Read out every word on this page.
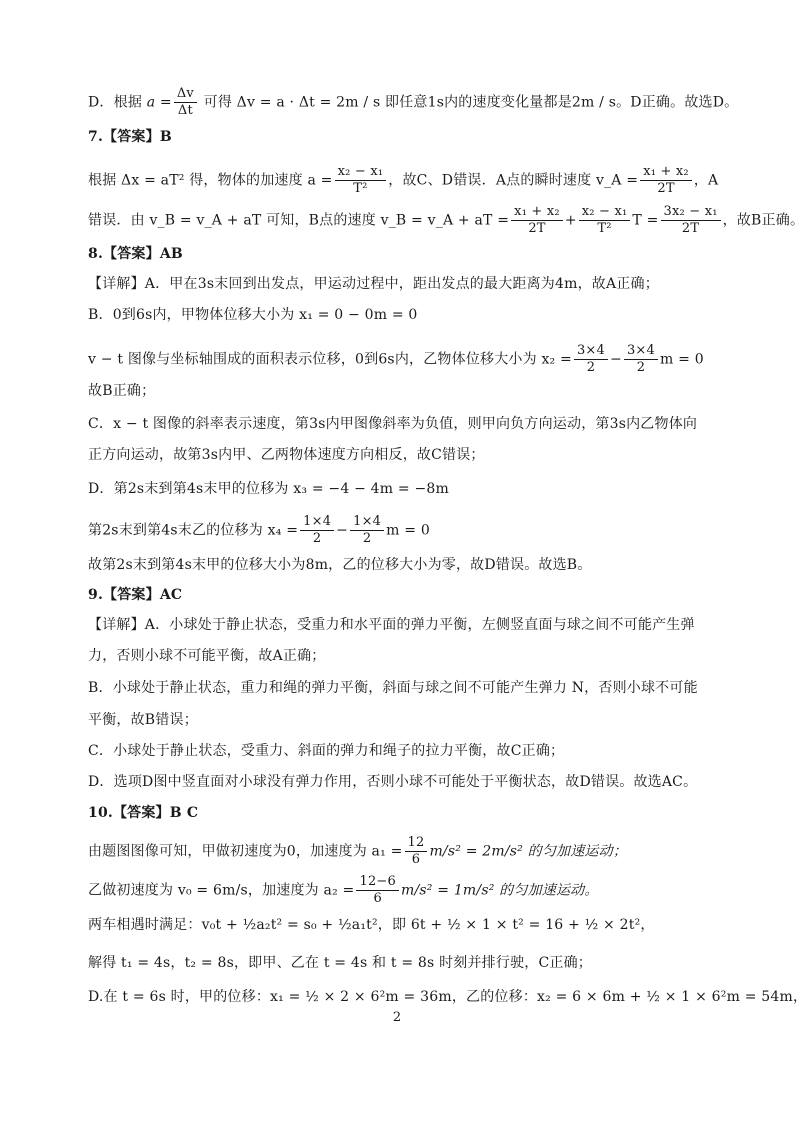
D．根据 $a = \frac{\Delta v}{\Delta t}$ 可得 Δv = a · Δt = 2m / s 即任意1s内的速度变化量都是2m / s。D正确。故选D。
7.【答案】B
根据 Δx = aT² 得，物体的加速度 $a = \frac{\text{x₂ − x₁}}{\text{T²}}$ ，故C、D错误．A点的瞬时速度 v_A = $\frac{\text{x₁ + x₂}}{2T}$ ，A
错误．由 v_B = v_A + aT 可知，B点的速度 v_B = v_A + aT = $\frac{\text{x₁ + x₂}}{2T} + \frac{\text{x₂ − x₁}}{\text{T²}}$ $T = \frac{\text{3x₂ − x₁}}{2T}$ ，故B正确。
8.【答案】AB
【详解】A．甲在3s末回到出发点，甲运动过程中，距出发点的最大距离为4m，故A正确；
B．0到6s内，甲物体位移大小为 x₁ = 0 − 0m = 0
v − t 图像与坐标轴围成的面积表示位移，0到6s内，乙物体位移大小为 $x_2 = \frac{3\times 4}{2} - \frac{3\times 4}{2}$ m = 0
故B正确；
C．x − t 图像的斜率表示速度，第3s内甲图像斜率为负值，则甲向负方向运动，第3s内乙物体向
正方向运动，故第3s内甲、乙两物体速度方向相反，故C错误；
D．第2s末到第4s末甲的位移为 x₃ = −4 − 4m = −8m
第2s末到第4s末乙的位移为 $x_4 = \frac{1\times 4}{2} - \frac{1\times 4}{2}$ m = 0
故第2s末到第4s末甲的位移大小为8m，乙的位移大小为零，故D错误。故选B。
9.【答案】AC
【详解】A．小球处于静止状态，受重力和水平面的弹力平衡，左侧竖直面与球之间不可能产生弹
力，否则小球不可能平衡，故A正确；
B．小球处于静止状态，重力和绳的弹力平衡，斜面与球之间不可能产生弹力 N，否则小球不可能
平衡，故B错误；
C．小球处于静止状态，受重力、斜面的弹力和绳子的拉力平衡，故C正确；
D．选项D图中竖直面对小球没有弹力作用，否则小球不可能处于平衡状态，故D错误。故选AC。
10.【答案】B C
由题图图像可知，甲做初速度为0，加速度为 $a_1 = \frac{12}{6} m/s^2 = 2m/s^2$ 的匀加速运动；
乙做初速度为 v₀ = 6m/s，加速度为 $a_2 = \frac{12-6}{6} m/s^2 = 1m/s^2$ 的匀加速运动。
两车相遇时满足：v₀t + ½a₂t² = s₀ + ½a₁t²，即 6t + ½ × 1 × t² = 16 + ½ × 2t²，
解得 t₁ = 4s，t₂ = 8s，即甲、乙在 t = 4s 和 t = 8s 时刻并排行驶，C正确；
D.在 t = 6s 时，甲的位移：x₁ = ½ × 2 × 6²m = 36m，乙的位移：x₂ = 6 × 6m + ½ × 1 × 6²m = 54m，
2
